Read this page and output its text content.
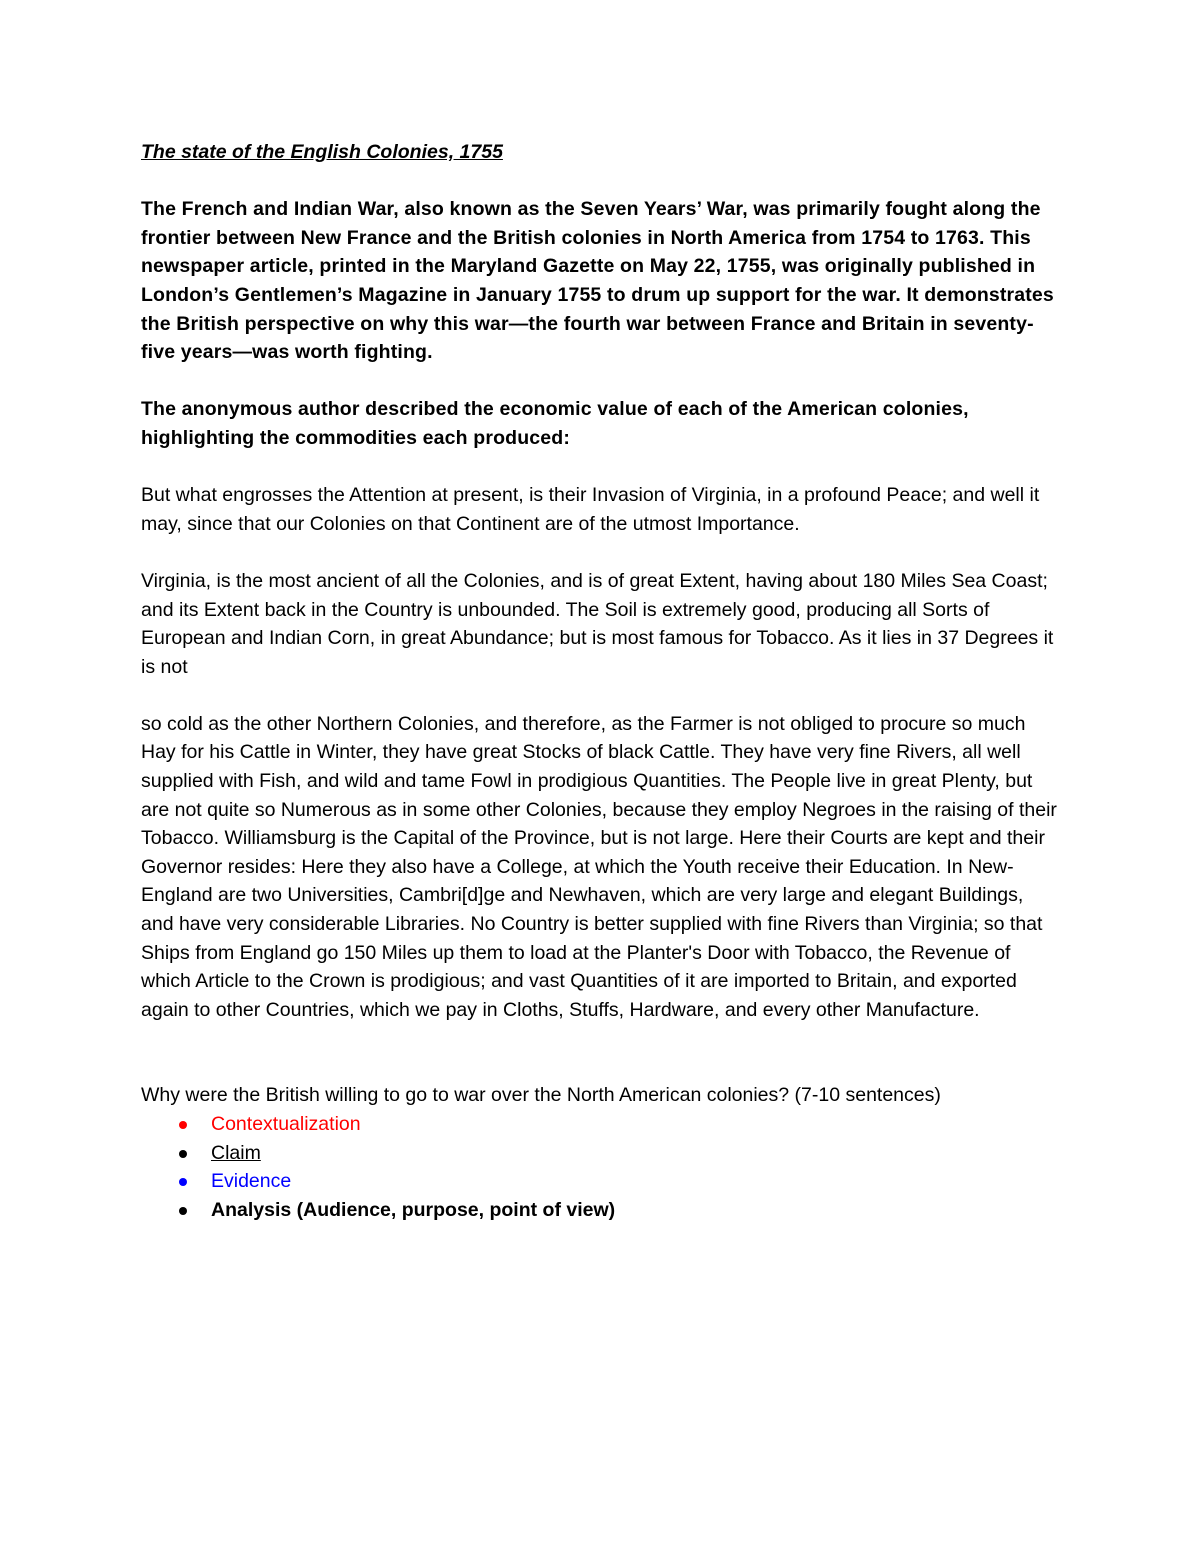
The state of the English Colonies, 1755

The French and Indian War, also known as the Seven Years’ War, was primarily fought along the frontier between New France and the British colonies in North America from 1754 to 1763. This newspaper article, printed in the Maryland Gazette on May 22, 1755, was originally published in London’s Gentlemen’s Magazine in January 1755 to drum up support for the war. It demonstrates the British perspective on why this war—the fourth war between France and Britain in seventy-five years—was worth fighting.

The anonymous author described the economic value of each of the American colonies, highlighting the commodities each produced:

But what engrosses the Attention at present, is their Invasion of Virginia, in a profound Peace; and well it may, since that our Colonies on that Continent are of the utmost Importance.

Virginia, is the most ancient of all the Colonies, and is of great Extent, having about 180 Miles Sea Coast; and its Extent back in the Country is unbounded. The Soil is extremely good, producing all Sorts of European and Indian Corn, in great Abundance; but is most famous for Tobacco. As it lies in 37 Degrees it is not

so cold as the other Northern Colonies, and therefore, as the Farmer is not obliged to procure so much Hay for his Cattle in Winter, they have great Stocks of black Cattle. They have very fine Rivers, all well supplied with Fish, and wild and tame Fowl in prodigious Quantities. The People live in great Plenty, but are not quite so Numerous as in some other Colonies, because they employ Negroes in the raising of their Tobacco. Williamsburg is the Capital of the Province, but is not large. Here their Courts are kept and their Governor resides: Here they also have a College, at which the Youth receive their Education. In New-England are two Universities, Cambri[d]ge and Newhaven, which are very large and elegant Buildings, and have very considerable Libraries. No Country is better supplied with fine Rivers than Virginia; so that Ships from England go 150 Miles up them to load at the Planter's Door with Tobacco, the Revenue of which Article to the Crown is prodigious; and vast Quantities of it are imported to Britain, and exported again to other Countries, which we pay in Cloths, Stuffs, Hardware, and every other Manufacture.

Why were the British willing to go to war over the North American colonies? (7-10 sentences)

Contextualization
Claim
Evidence
Analysis (Audience, purpose, point of view)
